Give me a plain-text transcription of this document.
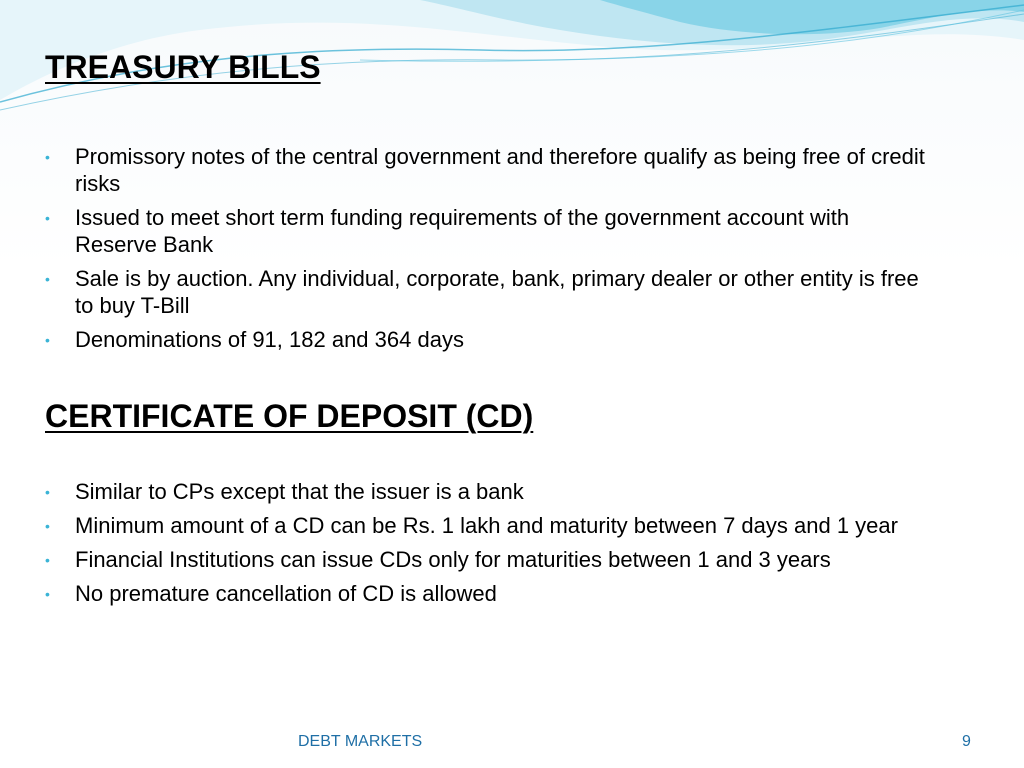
TREASURY BILLS
• Promissory notes of the central government and therefore qualify as being free of credit risks
• Issued to meet short term funding requirements of the government account with Reserve Bank
• Sale is by auction. Any individual, corporate, bank, primary dealer or other entity is free to buy T-Bill
• Denominations of 91, 182 and 364 days
CERTIFICATE OF DEPOSIT (CD)
• Similar to CPs except that the issuer is a bank
• Minimum amount of a CD can be Rs. 1 lakh and maturity between 7 days and 1 year
• Financial Institutions can issue CDs only for maturities between 1 and 3 years
• No premature cancellation of CD is allowed
DEBT MARKETS	9
